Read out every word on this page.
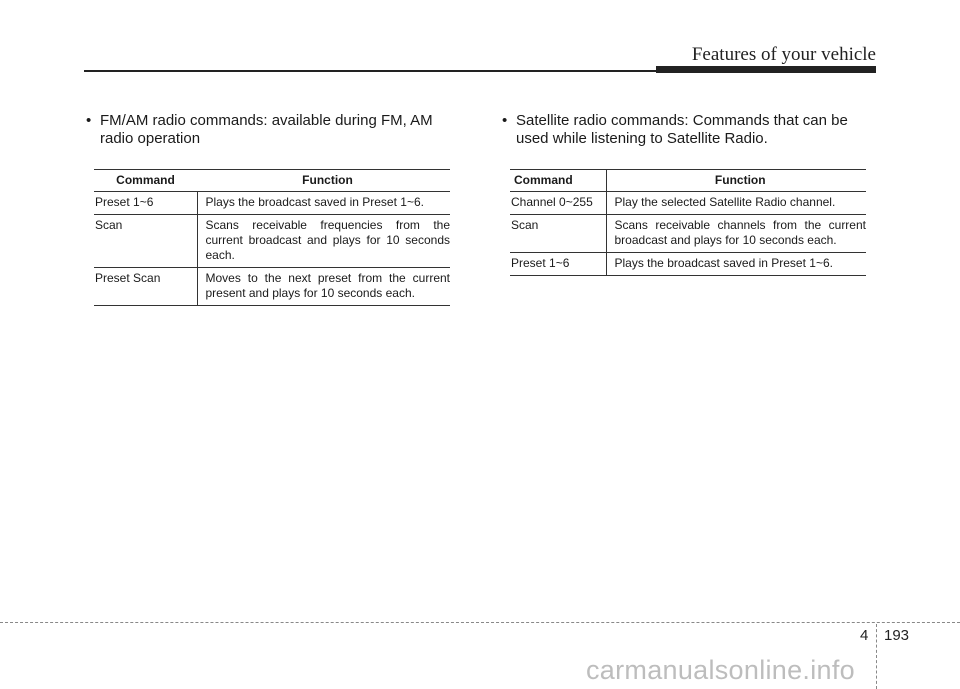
Features of your vehicle
• FM/AM radio commands: available during FM, AM
radio operation
Command	Function
Preset 1~6	Plays the broadcast saved in Preset 1~6.
Scan	Scans receivable frequencies from the current broadcast and plays for 10 seconds each.
Preset Scan	Moves to the next preset from the current present and plays for 10 seconds each.
• Satellite radio commands: Commands that can be
used while listening to Satellite Radio.
Command	Function
Channel 0~255	Play the selected Satellite Radio channel.
Scan	Scans receivable channels from the current broadcast and plays for 10 seconds each.
Preset 1~6	Plays the broadcast saved in Preset 1~6.
4 193
carmanualsonline.info
